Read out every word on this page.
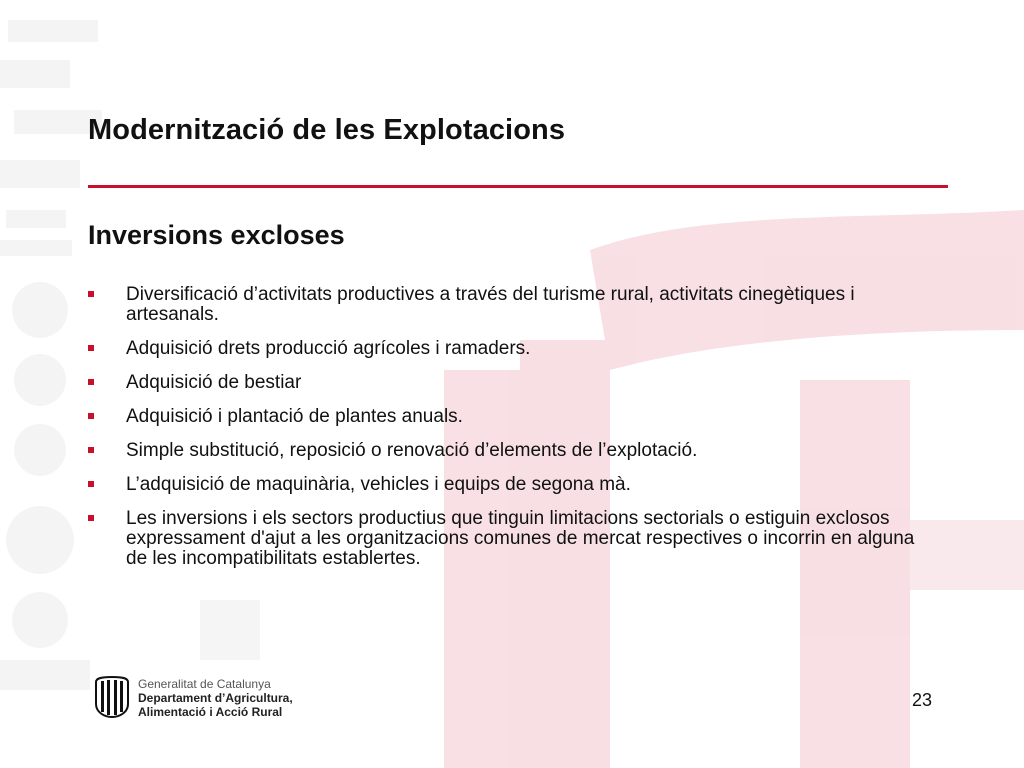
Modernització de les Explotacions
Inversions excloses
Diversificació d’activitats productives a través del turisme rural, activitats cinegètiques i artesanals.
Adquisició drets producció agrícoles i ramaders.
Adquisició de bestiar
Adquisició i plantació de plantes anuals.
Simple substitució, reposició o renovació d’elements de l’explotació.
L’adquisició de maquinària, vehicles i equips de segona mà.
Les inversions i els sectors productius que tinguin limitacions sectorials o estiguin exclosos expressament d'ajut a les organitzacions comunes de mercat respectives o incorrin en alguna de les incompatibilitats establertes.
Generalitat de Catalunya
Departament d’Agricultura,
Alimentació i Acció Rural
23
